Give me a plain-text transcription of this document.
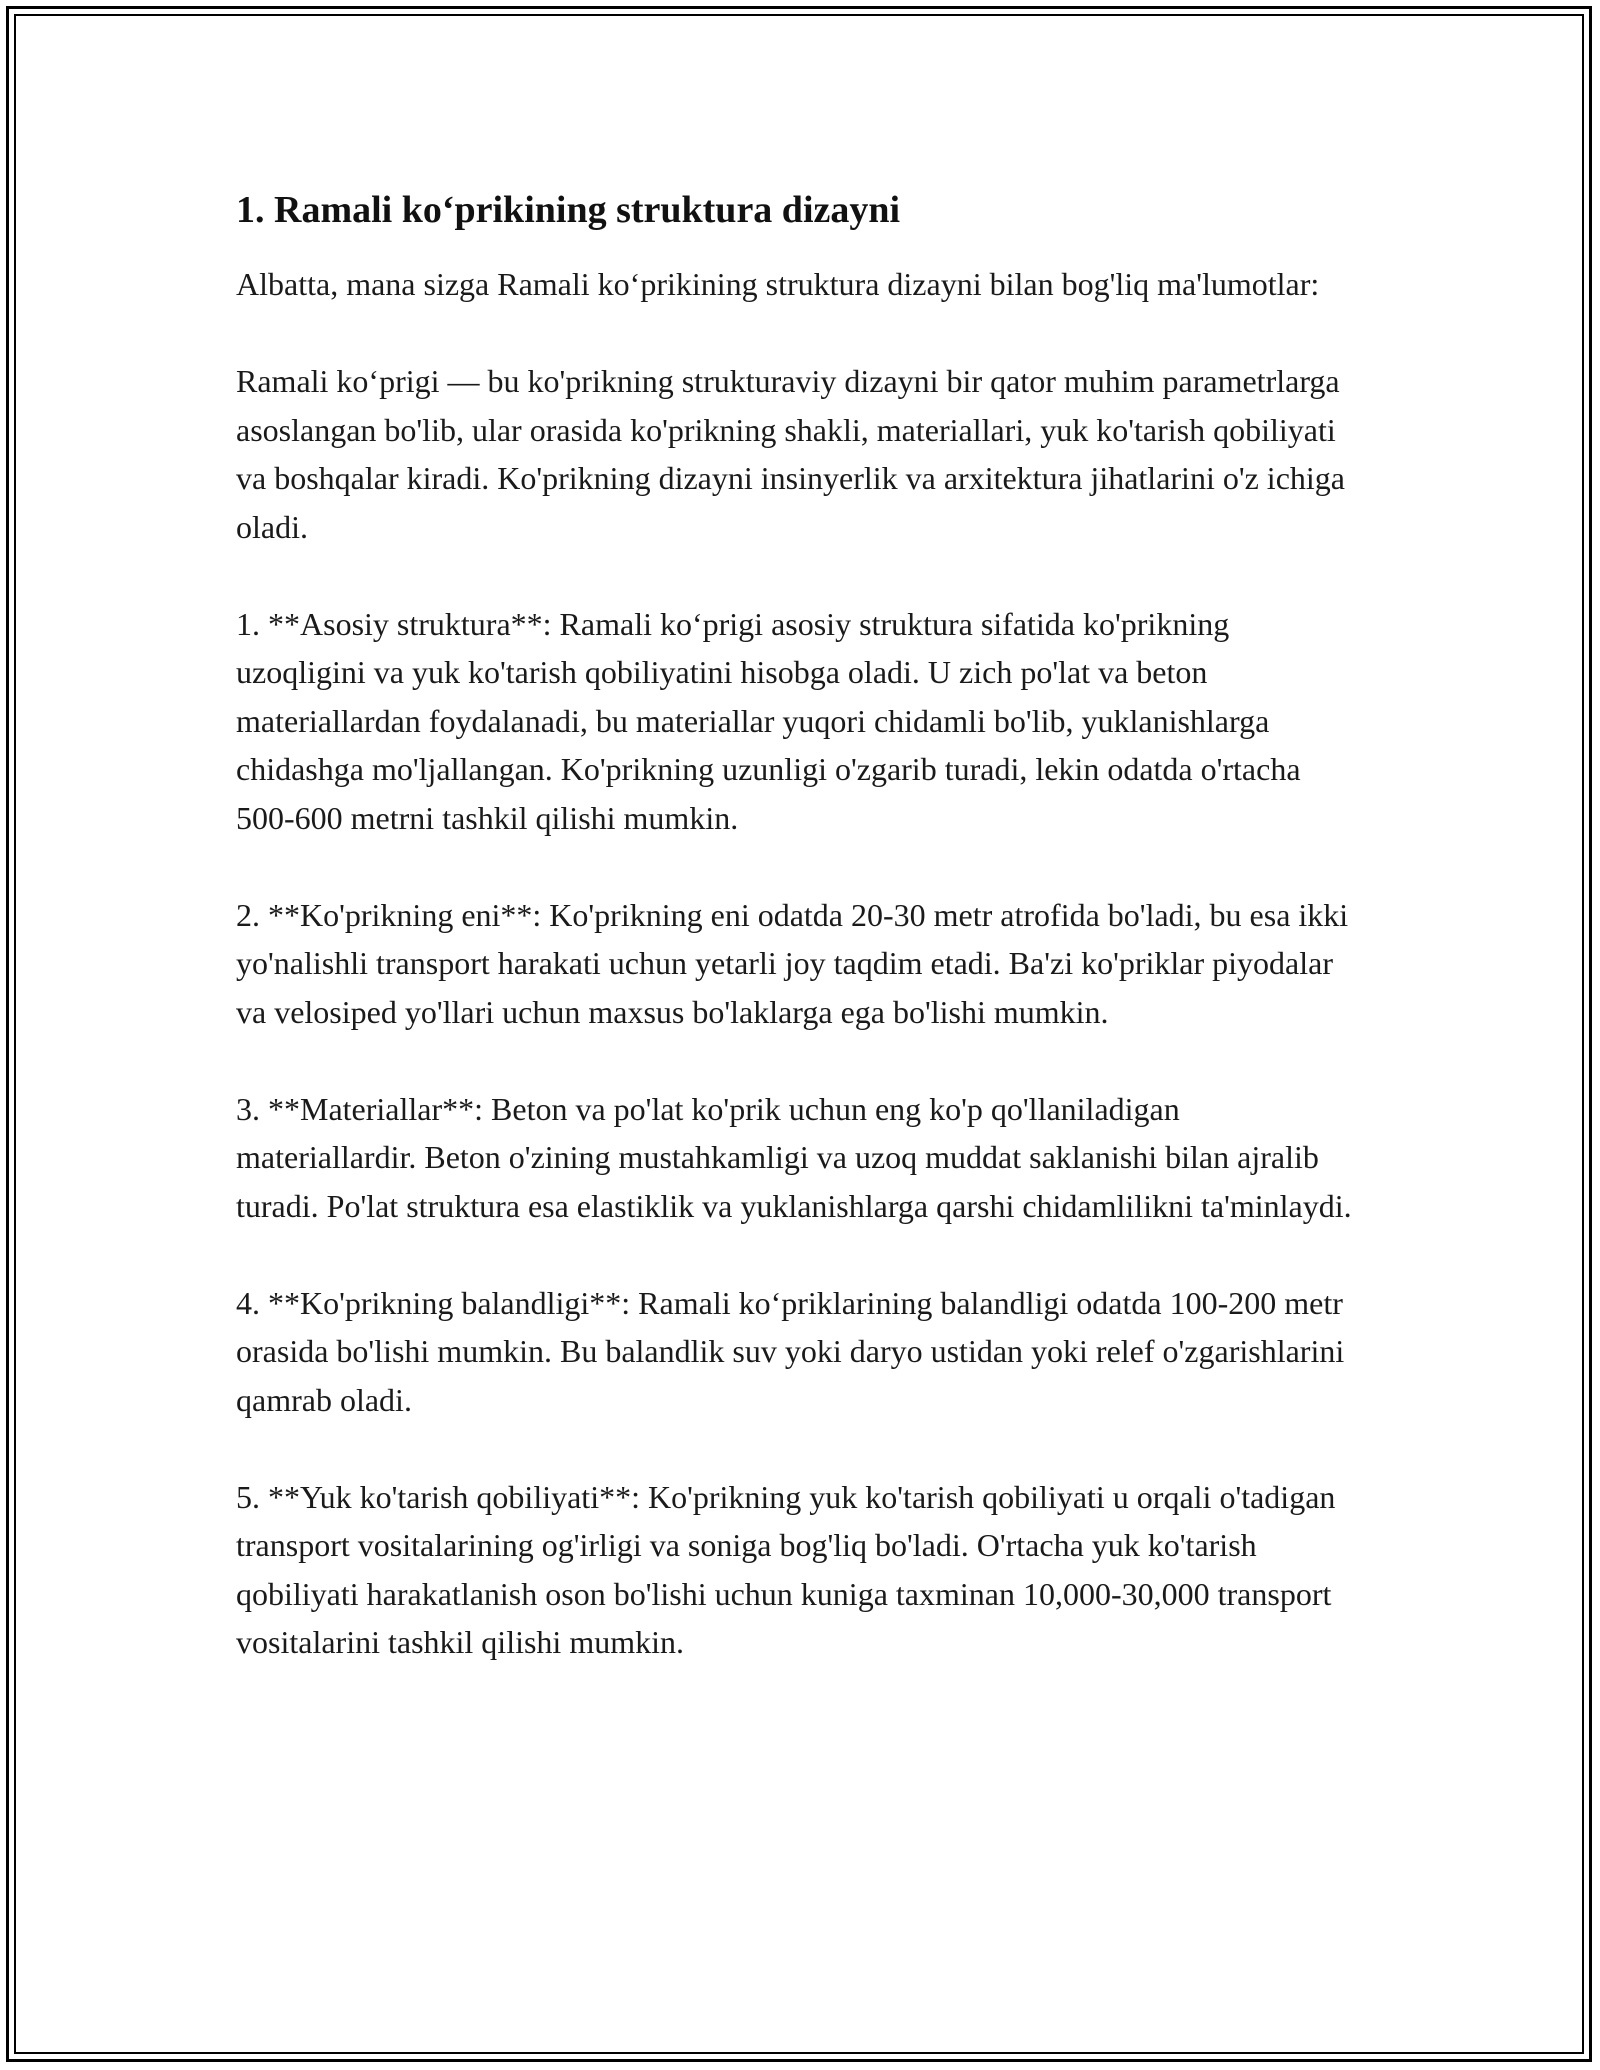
1. Ramali ko‘prikining struktura dizayni

Albatta, mana sizga Ramali ko‘prikining struktura dizayni bilan bog'liq ma'lumotlar:

Ramali ko‘prigi — bu ko'prikning strukturaviy dizayni bir qator muhim parametrlarga asoslangan bo'lib, ular orasida ko'prikning shakli, materiallari, yuk ko'tarish qobiliyati va boshqalar kiradi. Ko'prikning dizayni insinyerlik va arxitektura jihatlarini o'z ichiga oladi.

1. **Asosiy struktura**: Ramali ko‘prigi asosiy struktura sifatida ko'prikning uzoqligini va yuk ko'tarish qobiliyatini hisobga oladi. U zich po'lat va beton materiallardan foydalanadi, bu materiallar yuqori chidamli bo'lib, yuklanishlarga chidashga mo'ljallangan. Ko'prikning uzunligi o'zgarib turadi, lekin odatda o'rtacha 500-600 metrni tashkil qilishi mumkin.

2. **Ko'prikning eni**: Ko'prikning eni odatda 20-30 metr atrofida bo'ladi, bu esa ikki yo'nalishli transport harakati uchun yetarli joy taqdim etadi. Ba'zi ko'priklar piyodalar va velosiped yo'llari uchun maxsus bo'laklarga ega bo'lishi mumkin.

3. **Materiallar**: Beton va po'lat ko'prik uchun eng ko'p qo'llaniladigan materiallardir. Beton o'zining mustahkamligi va uzoq muddat saklanishi bilan ajralib turadi. Po'lat struktura esa elastiklik va yuklanishlarga qarshi chidamlilikni ta'minlaydi.

4. **Ko'prikning balandligi**: Ramali ko‘priklarining balandligi odatda 100-200 metr orasida bo'lishi mumkin. Bu balandlik suv yoki daryo ustidan yoki relef o'zgarishlarini qamrab oladi.

5. **Yuk ko'tarish qobiliyati**: Ko'prikning yuk ko'tarish qobiliyati u orqali o'tadigan transport vositalarining og'irligi va soniga bog'liq bo'ladi. O'rtacha yuk ko'tarish qobiliyati harakatlanish oson bo'lishi uchun kuniga taxminan 10,000-30,000 transport vositalarini tashkil qilishi mumkin.
